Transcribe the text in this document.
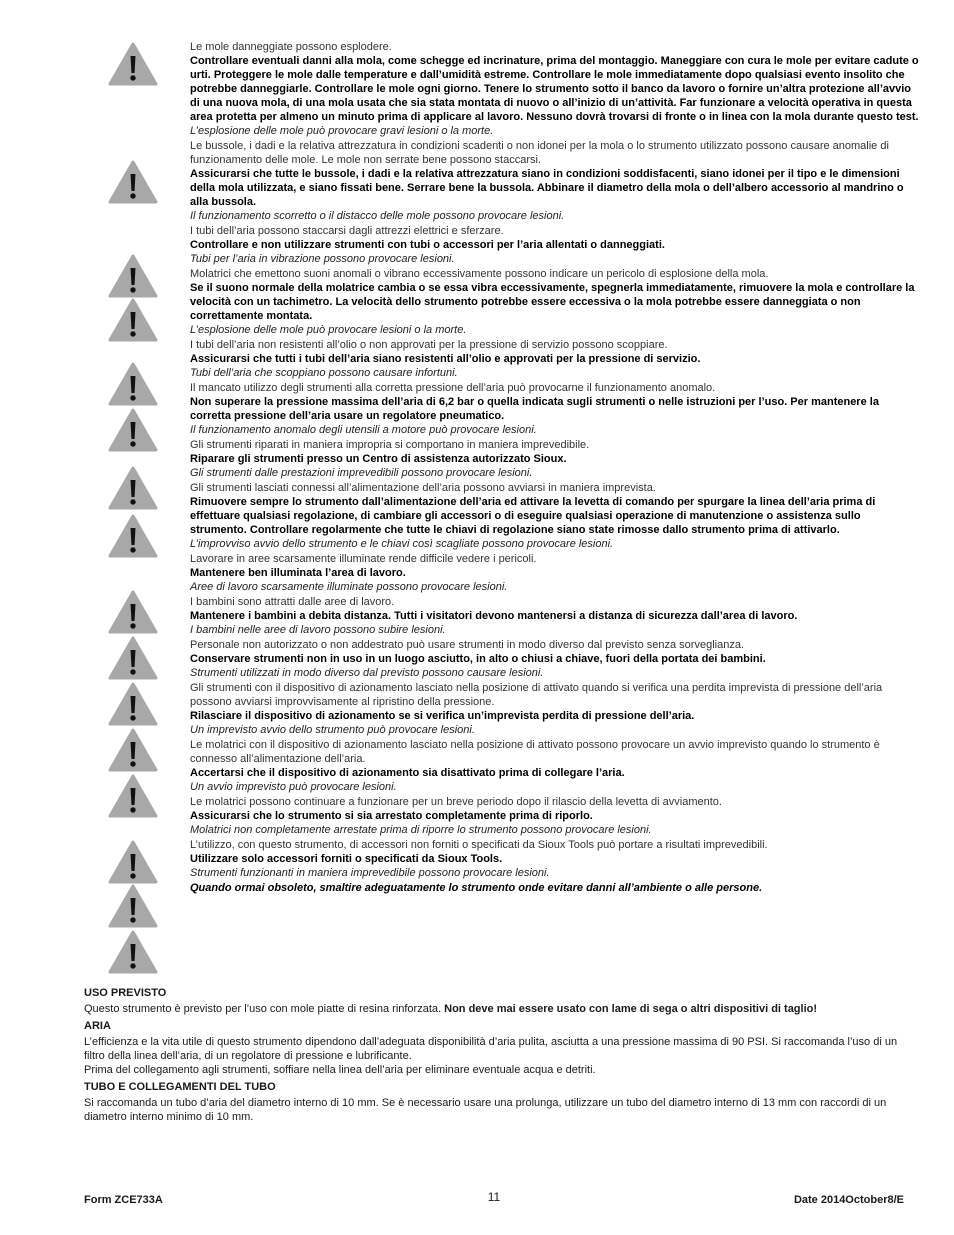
Le mole danneggiate possono esplodere.

Controllare eventuali danni alla mola, come schegge ed incrinature, prima del montaggio. Maneggiare con cura le mole per evitare cadute o urti. Proteggere le mole dalle temperature e dall’umidità estreme. Controllare le mole immediatamente dopo qualsiasi evento insolito che potrebbe danneggiarle. Controllare le mole ogni giorno. Tenere lo strumento sotto il banco da lavoro o fornire un’altra protezione all’avvio di una nuova mola, di una mola usata che sia stata montata di nuovo o all’inizio di un’attività. Far funzionare a velocità operativa in questa area protetta per almeno un minuto prima di applicare al lavoro. Nessuno dovrà trovarsi di fronte o in linea con la mola durante questo test.

L’esplosione delle mole può provocare gravi lesioni o la morte.

Le bussole, i dadi e la relativa attrezzatura in condizioni scadenti o non idonei per la mola o lo strumento utilizzato possono causare anomalie di funzionamento delle mole. Le mole non serrate bene possono staccarsi.

Assicurarsi che tutte le bussole, i dadi e la relativa attrezzatura siano in condizioni soddisfacenti, siano idonei per il tipo e le dimensioni della mola utilizzata, e siano fissati bene. Serrare bene la bussola. Abbinare il diametro della mola o dell’albero accessorio al mandrino o alla bussola.

Il funzionamento scorretto o il distacco delle mole possono provocare lesioni.

I tubi dell’aria possono staccarsi dagli attrezzi elettrici e sferzare.

Controllare e non utilizzare strumenti con tubi o accessori per l’aria allentati o danneggiati.

Tubi per l’aria in vibrazione possono provocare lesioni.

Molatrici che emettono suoni anomali o vibrano eccessivamente possono indicare un pericolo di esplosione della mola.

Se il suono normale della molatrice cambia o se essa vibra eccessivamente, spegnerla immediatamente, rimuovere la mola e controllare la velocità con un tachimetro. La velocità dello strumento potrebbe essere eccessiva o la mola potrebbe essere danneggiata o non correttamente montata.

L’esplosione delle mole può provocare lesioni o la morte.

I tubi dell’aria non resistenti all’olio o non approvati per la pressione di servizio possono scoppiare.

Assicurarsi che tutti i tubi dell’aria siano resistenti all’olio e approvati per la pressione di servizio.

Tubi dell’aria che scoppiano possono causare infortuni.

Il mancato utilizzo degli strumenti alla corretta pressione dell’aria può provocarne il funzionamento anomalo.

Non superare la pressione massima dell’aria di 6,2 bar o quella indicata sugli strumenti o nelle istruzioni per l’uso. Per mantenere la corretta pressione dell’aria usare un regolatore pneumatico.

Il funzionamento anomalo degli utensili a motore può provocare lesioni.

Gli strumenti riparati in maniera impropria si comportano in maniera imprevedibile.

Riparare gli strumenti presso un Centro di assistenza autorizzato Sioux.

Gli strumenti dalle prestazioni imprevedibili possono provocare lesioni.

Gli strumenti lasciati connessi all’alimentazione dell’aria possono avviarsi in maniera imprevista.

Rimuovere sempre lo strumento dall’alimentazione dell’aria ed attivare la levetta di comando per spurgare la linea dell’aria prima di effettuare qualsiasi regolazione, di cambiare gli accessori o di eseguire qualsiasi operazione di manutenzione o assistenza sullo strumento. Controllare regolarmente che tutte le chiavi di regolazione siano state rimosse dallo strumento prima di attivarlo.

L’improvviso avvio dello strumento e le chiavi così scagliate possono provocare lesioni.

Lavorare in aree scarsamente illuminate rende difficile vedere i pericoli.

Mantenere ben illuminata l’area di lavoro.

Aree di lavoro scarsamente illuminate possono provocare lesioni.

I bambini sono attratti dalle aree di lavoro.

Mantenere i bambini a debita distanza. Tutti i visitatori devono mantenersi a distanza di sicurezza dall’area di lavoro.

I bambini nelle aree di lavoro possono subire lesioni.

Personale non autorizzato o non addestrato può usare strumenti in modo diverso dal previsto senza sorveglianza.

Conservare strumenti non in uso in un luogo asciutto, in alto o chiusi a chiave, fuori della portata dei bambini.

Strumenti utilizzati in modo diverso dal previsto possono causare lesioni.

Gli strumenti con il dispositivo di azionamento lasciato nella posizione di attivato quando si verifica una perdita imprevista di pressione dell’aria possono avviarsi improvvisamente al ripristino della pressione.

Rilasciare il dispositivo di azionamento se si verifica un’imprevista perdita di pressione dell’aria.

Un imprevisto avvio dello strumento può provocare lesioni.

Le molatrici con il dispositivo di azionamento lasciato nella posizione di attivato possono provocare un avvio imprevisto quando lo strumento è connesso all’alimentazione dell’aria.

Accertarsi che il dispositivo di azionamento sia disattivato prima di collegare l’aria.

Un avvio imprevisto può provocare lesioni.

Le molatrici possono continuare a funzionare per un breve periodo dopo il rilascio della levetta di avviamento.

Assicurarsi che lo strumento si sia arrestato completamente prima di riporlo.

Molatrici non completamente arrestate prima di riporre lo strumento possono provocare lesioni.

L’utilizzo, con questo strumento, di accessori non forniti o specificati da Sioux Tools può portare a risultati imprevedibili.

Utilizzare solo accessori forniti o specificati da Sioux Tools.

Strumenti funzionanti in maniera imprevedibile possono provocare lesioni.

Quando ormai obsoleto, smaltire adeguatamente lo strumento onde evitare danni all’ambiente o alle persone.

USO PREVISTO

Questo strumento è previsto per l’uso con mole piatte di resina rinforzata. Non deve mai essere usato con lame di sega o altri dispositivi di taglio!

ARIA

L’efficienza e la vita utile di questo strumento dipendono dall’adeguata disponibilità d’aria pulita, asciutta a una pressione massima di 90 PSI. Si raccomanda l’uso di un filtro della linea dell’aria, di un regolatore di pressione e lubrificante.

Prima del collegamento agli strumenti, soffiare nella linea dell’aria per eliminare eventuale acqua e detriti.

TUBO E COLLEGAMENTI DEL TUBO

Si raccomanda un tubo d’aria del diametro interno di 10 mm. Se è necessario usare una prolunga, utilizzare un tubo del diametro interno di 13 mm con raccordi di un diametro interno minimo di 10 mm.

Form ZCE733A	11	Date 2014October8/E
